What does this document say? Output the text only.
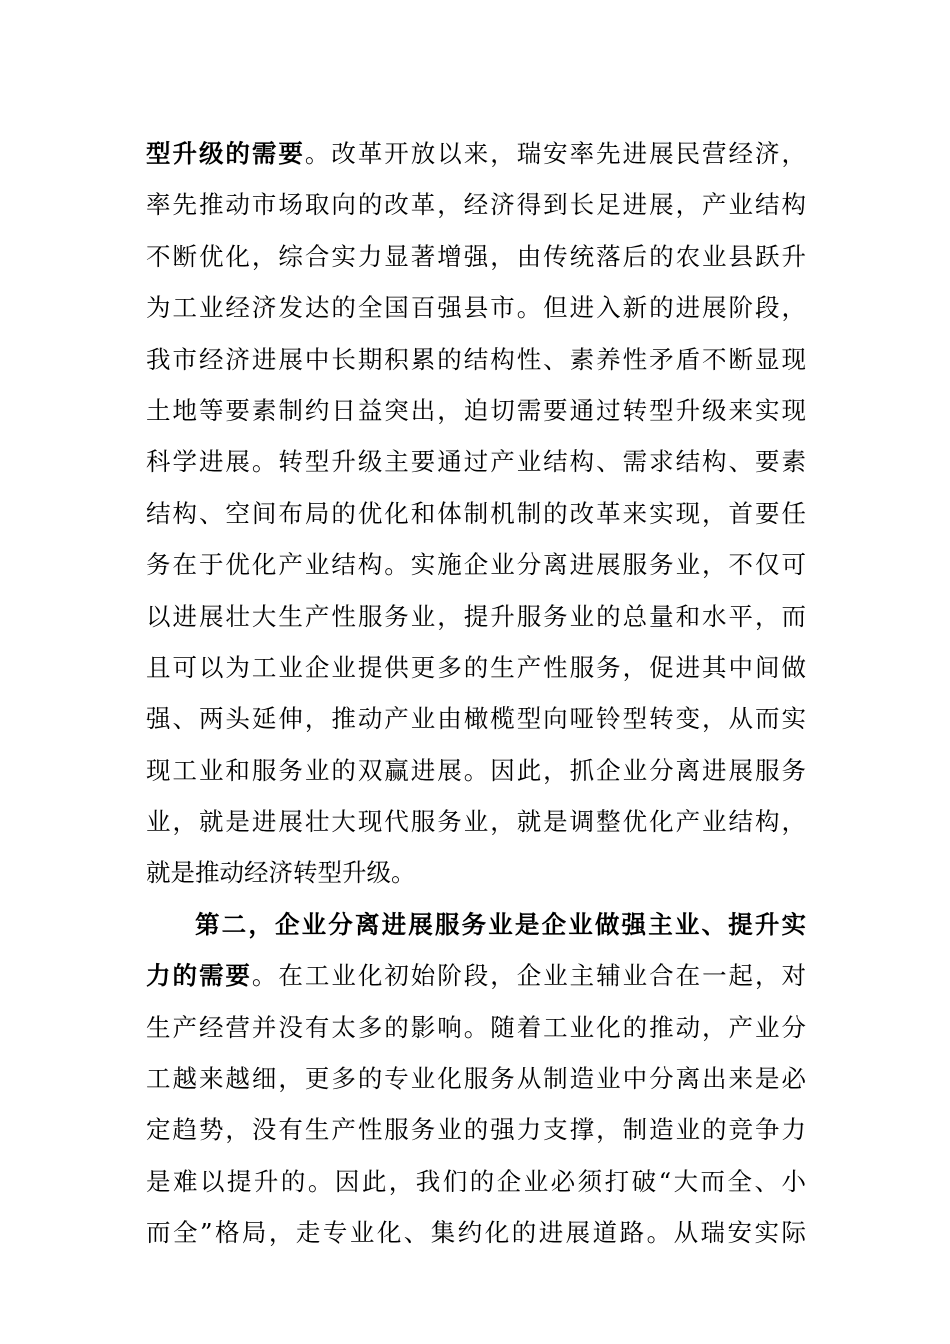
型升级的需要。改革开放以来，瑞安率先进展民营经济，
率先推动市场取向的改革，经济得到长足进展，产业结构
不断优化，综合实力显著增强，由传统落后的农业县跃升
为工业经济发达的全国百强县市。但进入新的进展阶段，
我市经济进展中长期积累的结构性、素养性矛盾不断显现
土地等要素制约日益突出，迫切需要通过转型升级来实现
科学进展。转型升级主要通过产业结构、需求结构、要素
结构、空间布局的优化和体制机制的改革来实现，首要任
务在于优化产业结构。实施企业分离进展服务业，不仅可
以进展壮大生产性服务业，提升服务业的总量和水平，而
且可以为工业企业提供更多的生产性服务，促进其中间做
强、两头延伸，推动产业由橄榄型向哑铃型转变，从而实
现工业和服务业的双赢进展。因此，抓企业分离进展服务
业，就是进展壮大现代服务业，就是调整优化产业结构，
就是推动经济转型升级。
第二，企业分离进展服务业是企业做强主业、提升实
力的需要。在工业化初始阶段，企业主辅业合在一起，对
生产经营并没有太多的影响。随着工业化的推动，产业分
工越来越细，更多的专业化服务从制造业中分离出来是必
定趋势，没有生产性服务业的强力支撑，制造业的竞争力
是难以提升的。因此，我们的企业必须打破“大而全、小
而全”格局，走专业化、集约化的进展道路。从瑞安实际
